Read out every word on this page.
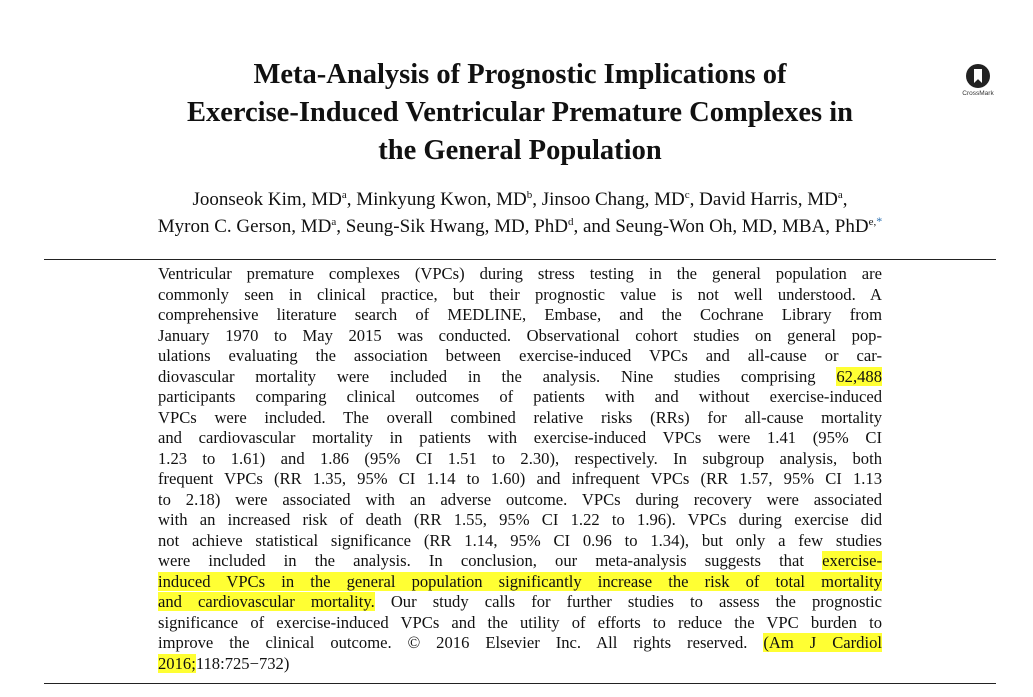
Meta-Analysis of Prognostic Implications of
Exercise-Induced Ventricular Premature Complexes in
the General Population
CrossMark
Joonseok Kim, $MD^a$, Minkyung Kwon, $MD^b$, Jinsoo Chang, $MD^c$, David Harris, $MD^a$,
Myron C. Gerson, $MD^a$, Seung-Sik Hwang, MD, PhD$^d$, and Seung-Won Oh, MD, MBA, PhD$^{e,*}$
Ventricular premature complexes (VPCs) during stress testing in the general population are
commonly seen in clinical practice, but their prognostic value is not well understood. A
comprehensive literature search of MEDLINE, Embase, and the Cochrane Library from
January 1970 to May 2015 was conducted. Observational cohort studies on general pop-
ulations evaluating the association between exercise-induced VPCs and all-cause or car-
diovascular mortality were included in the analysis. Nine studies comprising 62,488
participants comparing clinical outcomes of patients with and without exercise-induced
VPCs were included. The overall combined relative risks (RRs) for all-cause mortality
and cardiovascular mortality in patients with exercise-induced VPCs were 1.41 (95% CI
1.23 to 1.61) and 1.86 (95% CI 1.51 to 2.30), respectively. In subgroup analysis, both
frequent VPCs (RR 1.35, 95% CI 1.14 to 1.60) and infrequent VPCs (RR 1.57, 95% CI 1.13
to 2.18) were associated with an adverse outcome. VPCs during recovery were associated
with an increased risk of death (RR 1.55, 95% CI 1.22 to 1.96). VPCs during exercise did
not achieve statistical significance (RR 1.14, 95% CI 0.96 to 1.34), but only a few studies
were included in the analysis. In conclusion, our meta-analysis suggests that exercise-
induced VPCs in the general population significantly increase the risk of total mortality
and cardiovascular mortality. Our study calls for further studies to assess the prognostic
significance of exercise-induced VPCs and the utility of efforts to reduce the VPC burden to
improve the clinical outcome. © 2016 Elsevier Inc. All rights reserved. (Am J Cardiol
2016;118:725−732)
